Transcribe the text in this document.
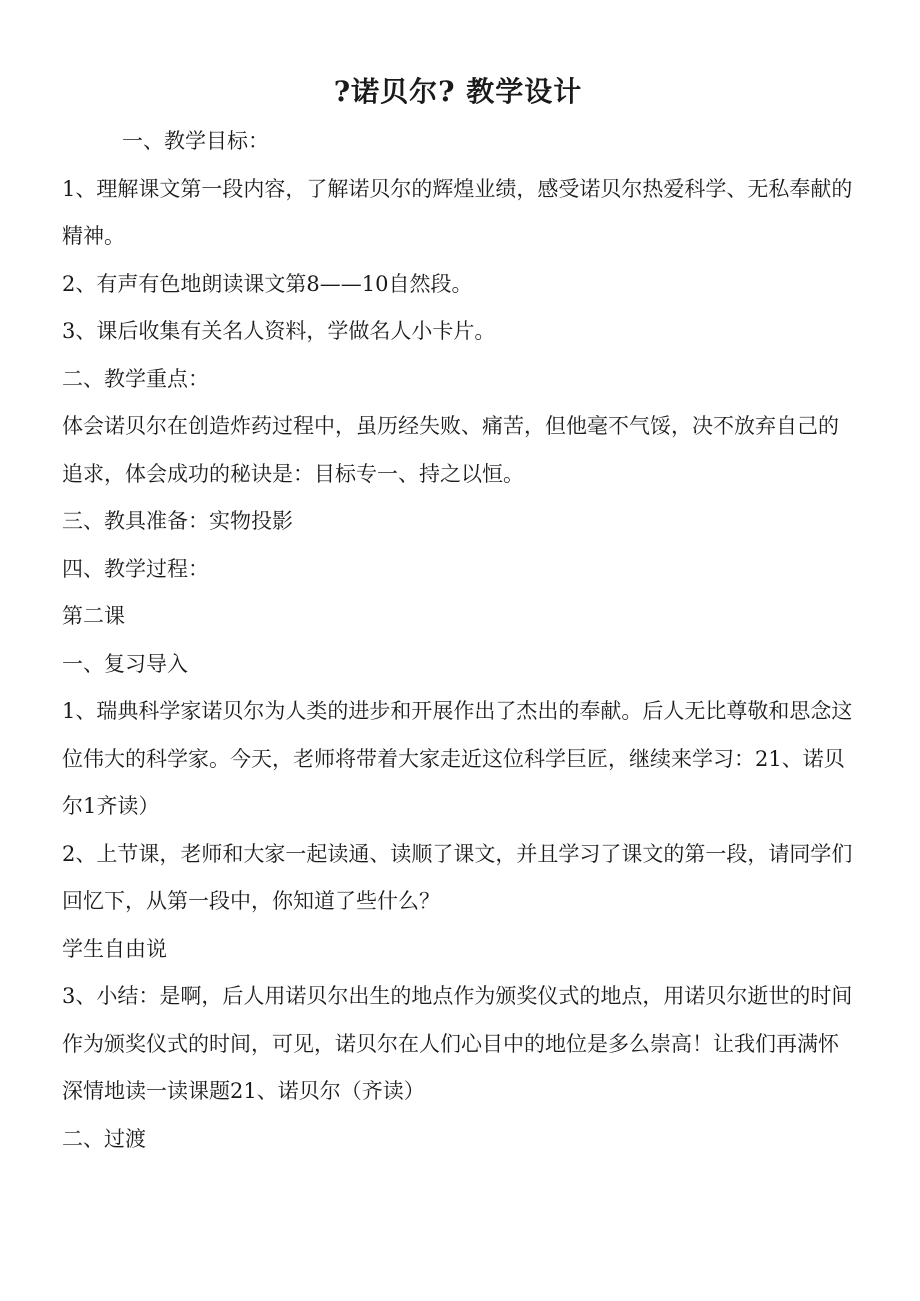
?诺贝尔? 教学设计

一、教学目标：

1、理解课文第一段内容，了解诺贝尔的辉煌业绩，感受诺贝尔热爱科学、无私奉献的精神。

2、有声有色地朗读课文第8——10自然段。

3、课后收集有关名人资料，学做名人小卡片。

二、教学重点：

体会诺贝尔在创造炸药过程中，虽历经失败、痛苦，但他毫不气馁，决不放弃自己的追求，体会成功的秘诀是：目标专一、持之以恒。

三、教具准备：实物投影

四、教学过程：

第二课

一、复习导入

1、瑞典科学家诺贝尔为人类的进步和开展作出了杰出的奉献。后人无比尊敬和思念这位伟大的科学家。今天，老师将带着大家走近这位科学巨匠，继续来学习：21、诺贝尔1齐读）

2、上节课，老师和大家一起读通、读顺了课文，并且学习了课文的第一段，请同学们回忆下，从第一段中，你知道了些什么？

学生自由说

3、小结：是啊，后人用诺贝尔出生的地点作为颁奖仪式的地点，用诺贝尔逝世的时间作为颁奖仪式的时间，可见，诺贝尔在人们心目中的地位是多么崇高！让我们再满怀深情地读一读课题21、诺贝尔（齐读）

二、过渡
